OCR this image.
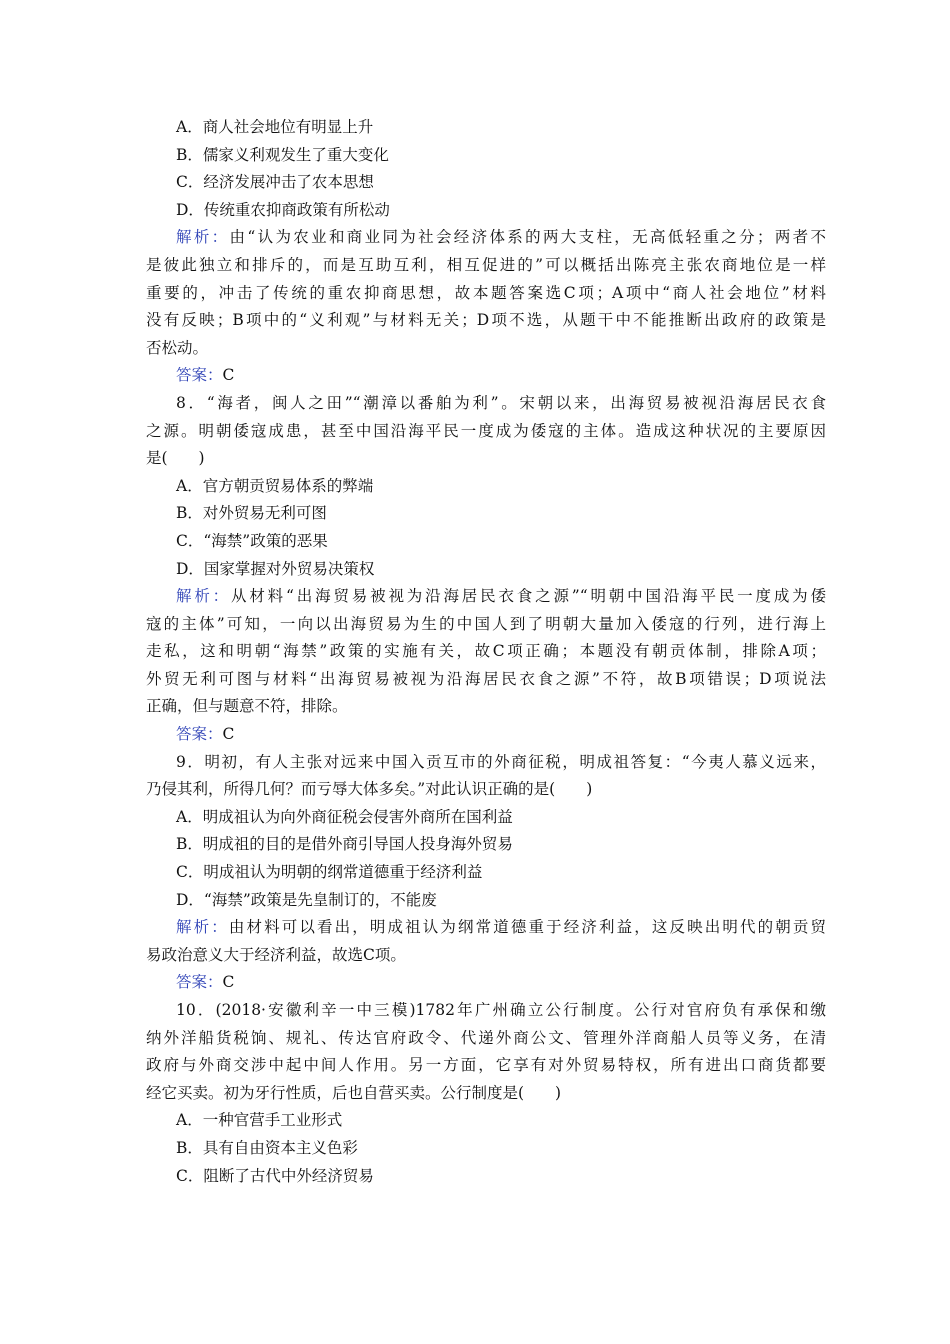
A．商人社会地位有明显上升
B．儒家义利观发生了重大变化
C．经济发展冲击了农本思想
D．传统重农抑商政策有所松动
解析：由“认为农业和商业同为社会经济体系的两大支柱，无高低轻重之分；两者不
是彼此独立和排斥的，而是互助互利，相互促进的”可以概括出陈亮主张农商地位是一样
重要的，冲击了传统的重农抑商思想，故本题答案选C项；A项中“商人社会地位”材料
没有反映；B项中的“义利观”与材料无关；D项不选，从题干中不能推断出政府的政策是
否松动。
答案：C
8．“海者，闽人之田”“潮漳以番舶为利”。宋朝以来，出海贸易被视沿海居民衣食
之源。明朝倭寇成患，甚至中国沿海平民一度成为倭寇的主体。造成这种状况的主要原因
是(　　)
A．官方朝贡贸易体系的弊端
B．对外贸易无利可图
C．“海禁”政策的恶果
D．国家掌握对外贸易决策权
解析：从材料“出海贸易被视为沿海居民衣食之源”“明朝中国沿海平民一度成为倭
寇的主体”可知，一向以出海贸易为生的中国人到了明朝大量加入倭寇的行列，进行海上
走私，这和明朝“海禁”政策的实施有关，故C项正确；本题没有朝贡体制，排除A项；
外贸无利可图与材料“出海贸易被视为沿海居民衣食之源”不符，故B项错误；D项说法
正确，但与题意不符，排除。
答案：C
9．明初，有人主张对远来中国入贡互市的外商征税，明成祖答复：“今夷人慕义远来，
乃侵其利，所得几何？而亏辱大体多矣。”对此认识正确的是(　　)
A．明成祖认为向外商征税会侵害外商所在国利益
B．明成祖的目的是借外商引导国人投身海外贸易
C．明成祖认为明朝的纲常道德重于经济利益
D．“海禁”政策是先皇制订的，不能废
解析：由材料可以看出，明成祖认为纲常道德重于经济利益，这反映出明代的朝贡贸
易政治意义大于经济利益，故选C项。
答案：C
10．(2018·安徽利辛一中三模)1782年广州确立公行制度。公行对官府负有承保和缴
纳外洋船货税饷、规礼、传达官府政令、代递外商公文、管理外洋商船人员等义务，在清
政府与外商交涉中起中间人作用。另一方面，它享有对外贸易特权，所有进出口商货都要
经它买卖。初为牙行性质，后也自营买卖。公行制度是(　　)
A．一种官营手工业形式
B．具有自由资本主义色彩
C．阻断了古代中外经济贸易
